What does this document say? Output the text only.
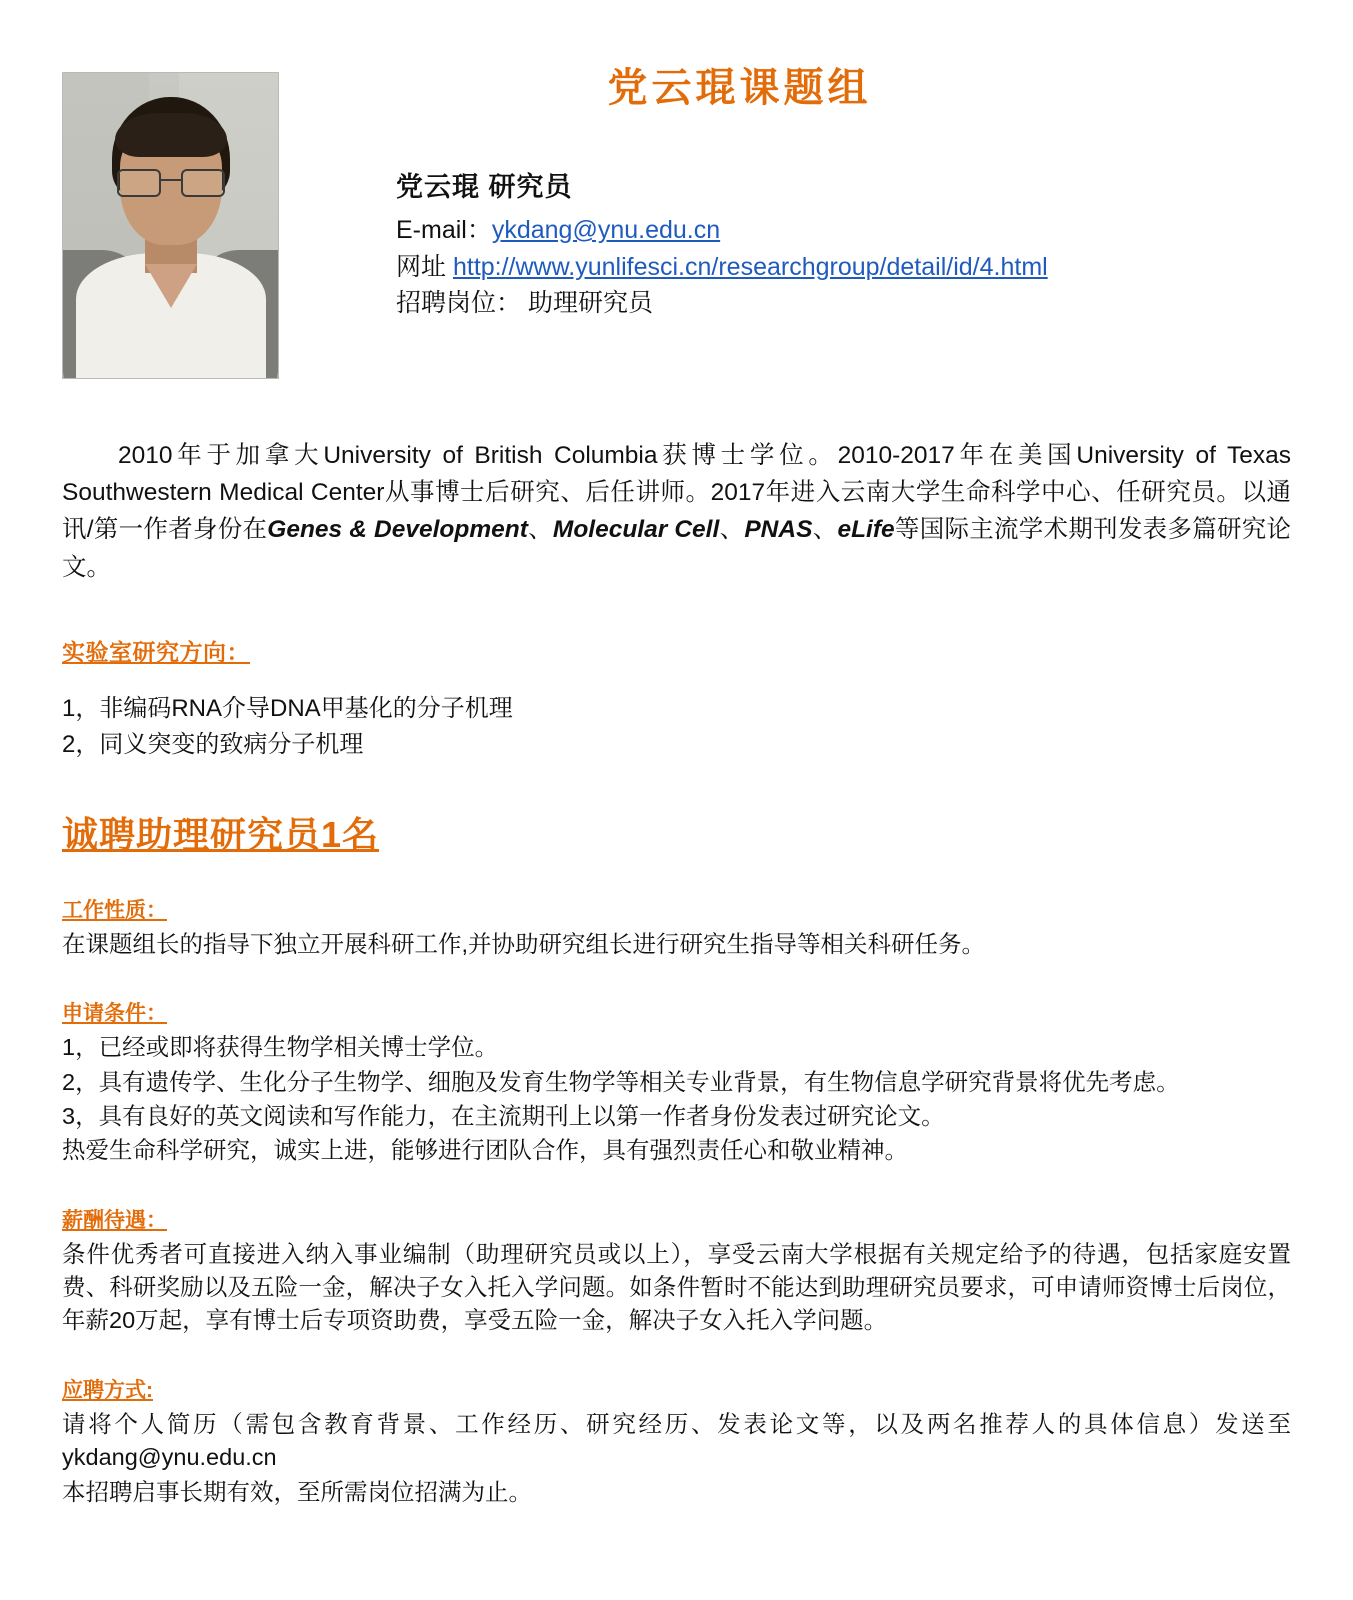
党云琨课题组
党云琨 研究员
E-mail：ykdang@ynu.edu.cn
网址 http://www.yunlifesci.cn/researchgroup/detail/id/4.html
招聘岗位： 助理研究员
2010年于加拿大University of British Columbia获博士学位。2010-2017年在美国University of Texas Southwestern Medical Center从事博士后研究、后任讲师。2017年进入云南大学生命科学中心、任研究员。以通讯/第一作者身份在Genes & Development、Molecular Cell、PNAS、eLife等国际主流学术期刊发表多篇研究论文。
实验室研究方向：
1，非编码RNA介导DNA甲基化的分子机理
2，同义突变的致病分子机理
诚聘助理研究员1名
工作性质：

在课题组长的指导下独立开展科研工作,并协助研究组长进行研究生指导等相关科研任务。

申请条件：

1，已经或即将获得生物学相关博士学位。

2，具有遗传学、生化分子生物学、细胞及发育生物学等相关专业背景，有生物信息学研究背景将优先考虑。

3，具有良好的英文阅读和写作能力，在主流期刊上以第一作者身份发表过研究论文。

热爱生命科学研究，诚实上进，能够进行团队合作，具有强烈责任心和敬业精神。

薪酬待遇：

条件优秀者可直接进入纳入事业编制（助理研究员或以上），享受云南大学根据有关规定给予的待遇，包括家庭安置费、科研奖励以及五险一金，解决子女入托入学问题。如条件暂时不能达到助理研究员要求，可申请师资博士后岗位，年薪20万起，享有博士后专项资助费，享受五险一金，解决子女入托入学问题。

应聘方式:

请将个人简历（需包含教育背景、工作经历、研究经历、发表论文等，以及两名推荐人的具体信息）发送至ykdang@ynu.edu.cn

本招聘启事长期有效，至所需岗位招满为止。
